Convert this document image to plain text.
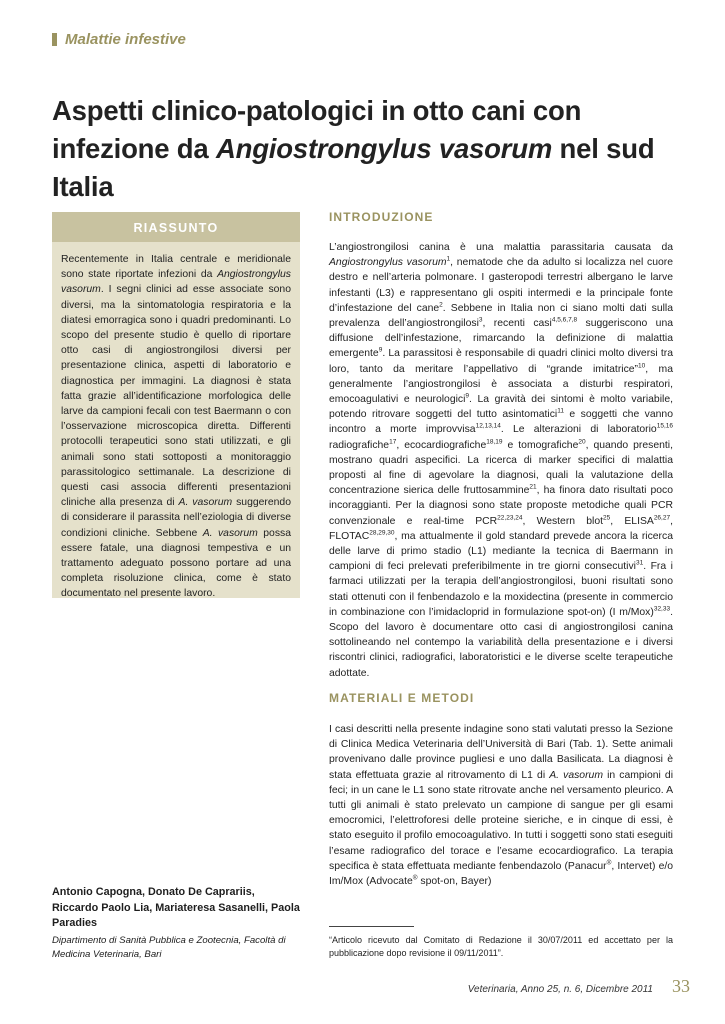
Malattie infestive
Aspetti clinico-patologici in otto cani con infezione da Angiostrongylus vasorum nel sud Italia
RIASSUNTO

Recentemente in Italia centrale e meridionale sono state riportate infezioni da Angiostrongylus vasorum. I segni clinici ad esse associate sono diversi, ma la sintomatologia respiratoria e la diatesi emorragica sono i quadri predominanti. Lo scopo del presente studio è quello di riportare otto casi di angiostrongilosi diversi per presentazione clinica, aspetti di laboratorio e diagnostica per immagini. La diagnosi è stata fatta grazie all’identificazione morfologica delle larve da campioni fecali con test Baermann o con l’osservazione microscopica diretta. Differenti protocolli terapeutici sono stati utilizzati, e gli animali sono stati sottoposti a monitoraggio parassitologico settimanale. La descrizione di questi casi associa differenti presentazioni cliniche alla presenza di A. vasorum suggerendo di considerare il parassita nell’eziologia di diverse condizioni cliniche. Sebbene A. vasorum possa essere fatale, una diagnosi tempestiva e un trattamento adeguato possono portare ad una completa risoluzione clinica, come è stato documentato nel presente lavoro.

INTRODUZIONE

L’angiostrongilosi canina è una malattia parassitaria causata da Angiostrongylus vasorum$^1$, nematode che da adulto si localizza nel cuore destro e nell’arteria polmonare. I gasteropodi terrestri albergano le larve infestanti (L3) e rappresentano gli ospiti intermedi e la principale fonte d’infestazione del cane$^2$. Sebbene in Italia non ci siano molti dati sulla prevalenza dell’angiostrongilosi$^3$, recenti casi$^{4,5,6,7,8}$ suggeriscono una diffusione dell’infestazione, rimarcando la definizione di malattia emergente$^9$. La parassitosi è responsabile di quadri clinici molto diversi tra loro, tanto da meritare l’appellativo di “grande imitatrice”$^{10}$, ma generalmente l’angiostrongilosi è associata a disturbi respiratori, emocoagulativi e neurologici$^9$. La gravità dei sintomi è molto variabile, potendo ritrovare soggetti del tutto asintomatici$^{11}$ e soggetti che vanno incontro a morte improvvisa$^{12,13,14}$. Le alterazioni di laboratorio$^{15,16}$ radiografiche$^{17}$, ecocardiografiche$^{18,19}$ e tomografiche$^{20}$, quando presenti, mostrano quadri aspecifici. La ricerca di marker specifici di malattia proposti al fine di agevolare la diagnosi, quali la valutazione della concentrazione sierica delle fruttosammine$^{21}$, ha finora dato risultati poco incoraggianti. Per la diagnosi sono state proposte metodiche quali PCR convenzionale e real-time PCR$^{22,23,24}$, Western blot$^{25}$, ELISA$^{26,27}$, FLOTAC$^{28,29,30}$, ma attualmente il gold standard prevede ancora la ricerca delle larve di primo stadio (L1) mediante la tecnica di Baermann in campioni di feci prelevati preferibilmente in tre giorni consecutivi$^{31}$. Fra i farmaci utilizzati per la terapia dell’angiostrongilosi, buoni risultati sono stati ottenuti con il fenbendazolo e la moxidectina (presente in commercio in combinazione con l’imidacloprid in formulazione spot-on) (I m/Mox)$^{32,33}$. Scopo del lavoro è documentare otto casi di angiostrongilosi canina sottolineando nel contempo la variabilità della presentazione e i diversi riscontri clinici, radiografici, laboratoristici e le diverse scelte terapeutiche adottate.

MATERIALI E METODI

I casi descritti nella presente indagine sono stati valutati presso la Sezione di Clinica Medica Veterinaria dell’Università di Bari (Tab. 1). Sette animali provenivano dalle province pugliesi e uno dalla Basilicata. La diagnosi è stata effettuata grazie al ritrovamento di L1 di A. vasorum in campioni di feci; in un cane le L1 sono state ritrovate anche nel versamento pleurico. A tutti gli animali è stato prelevato un campione di sangue per gli esami emocromici, l’elettroforesi delle proteine sieriche, e in cinque di essi, è stato eseguito il profilo emocoagulativo. In tutti i soggetti sono stati eseguiti l’esame radiografico del torace e l’esame ecocardiografico. La terapia specifica è stata effettuata mediante fenbendazolo (Panacur®, Intervet) e/o Im/Mox (Advocate® spot-on, Bayer)

Antonio Capogna, Donato De Caprariis, Riccardo Paolo Lia, Mariateresa Sasanelli, Paola Paradies

Dipartimento di Sanità Pubblica e Zootecnia, Facoltà di Medicina Veterinaria, Bari

“Articolo ricevuto dal Comitato di Redazione il 30/07/2011 ed accettato per la pubblicazione dopo revisione il 09/11/2011”.

Veterinaria, Anno 25, n. 6, Dicembre 2011 33
